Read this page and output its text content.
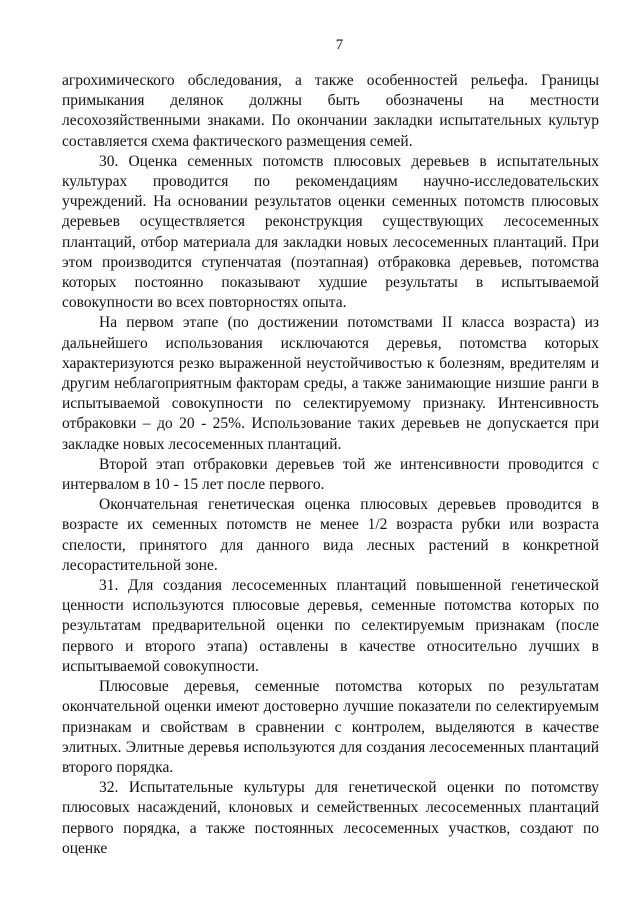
7

агрохимического обследования, а также особенностей рельефа. Границы примыкания делянок должны быть обозначены на местности лесохозяйственными знаками. По окончании закладки испытательных культур составляется схема фактического размещения семей.

30. Оценка семенных потомств плюсовых деревьев в испытательных культурах проводится по рекомендациям научно-исследовательских учреждений. На основании результатов оценки семенных потомств плюсовых деревьев осуществляется реконструкция существующих лесосеменных плантаций, отбор материала для закладки новых лесосеменных плантаций. При этом производится ступенчатая (поэтапная) отбраковка деревьев, потомства которых постоянно показывают худшие результаты в испытываемой совокупности во всех повторностях опыта.

На первом этапе (по достижении потомствами II класса возраста) из дальнейшего использования исключаются деревья, потомства которых характеризуются резко выраженной неустойчивостью к болезням, вредителям и другим неблагоприятным факторам среды, а также занимающие низшие ранги в испытываемой совокупности по селектируемому признаку. Интенсивность отбраковки – до 20 - 25%. Использование таких деревьев не допускается при закладке новых лесосеменных плантаций.

Второй этап отбраковки деревьев той же интенсивности проводится с интервалом в 10 - 15 лет после первого.

Окончательная генетическая оценка плюсовых деревьев проводится в возрасте их семенных потомств не менее 1/2 возраста рубки или возраста спелости, принятого для данного вида лесных растений в конкретной лесорастительной зоне.

31. Для создания лесосеменных плантаций повышенной генетической ценности используются плюсовые деревья, семенные потомства которых по результатам предварительной оценки по селектируемым признакам (после первого и второго этапа) оставлены в качестве относительно лучших в испытываемой совокупности.

Плюсовые деревья, семенные потомства которых по результатам окончательной оценки имеют достоверно лучшие показатели по селектируемым признакам и свойствам в сравнении с контролем, выделяются в качестве элитных. Элитные деревья используются для создания лесосеменных плантаций второго порядка.

32. Испытательные культуры для генетической оценки по потомству плюсовых насаждений, клоновых и семейственных лесосеменных плантаций первого порядка, а также постоянных лесосеменных участков, создают по оценке
